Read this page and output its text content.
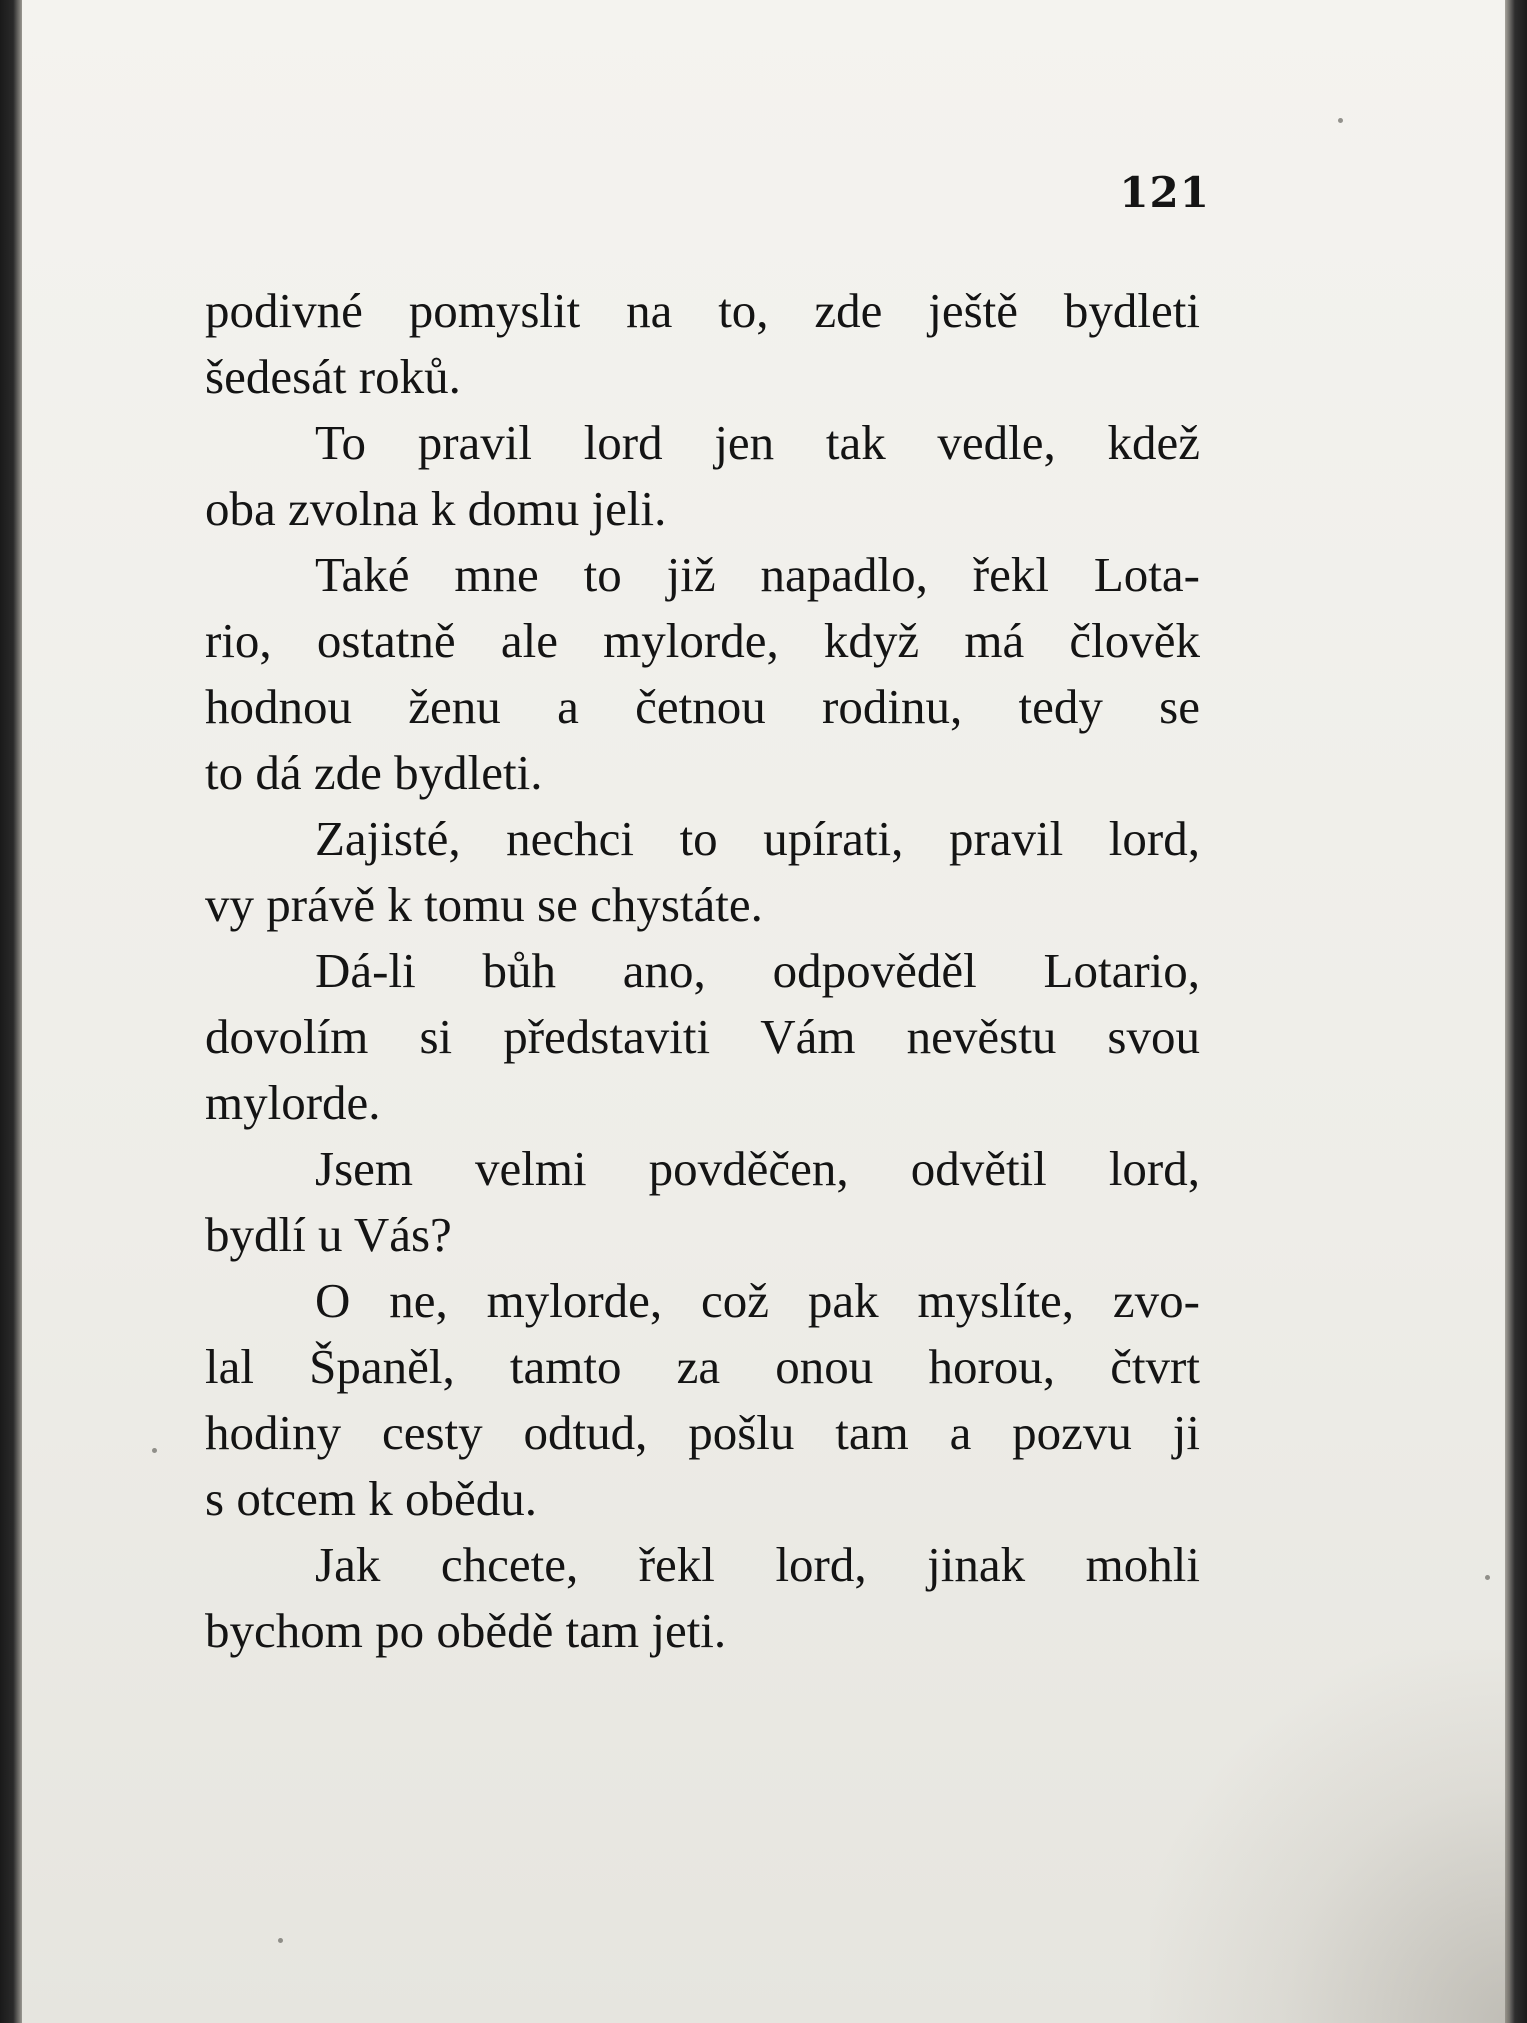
121
podivné pomyslit na to, zde ještě bydleti
šedesát roků.
To pravil lord jen tak vedle, kdež
oba zvolna k domu jeli.
Také mne to již napadlo, řekl Lota-
rio, ostatně ale mylorde, když má člověk
hodnou ženu a četnou rodinu, tedy se
to dá zde bydleti.
Zajisté, nechci to upírati, pravil lord,
vy právě k tomu se chystáte.
Dá-li bůh ano, odpověděl Lotario,
dovolím si představiti Vám nevěstu svou
mylorde.
Jsem velmi povděčen, odvětil lord,
bydlí u Vás?
O ne, mylorde, což pak myslíte, zvo-
lal Španěl, tamto za onou horou, čtvrt
hodiny cesty odtud, pošlu tam a pozvu ji
s otcem k obědu.
Jak chcete, řekl lord, jinak mohli
bychom po obědě tam jeti.
